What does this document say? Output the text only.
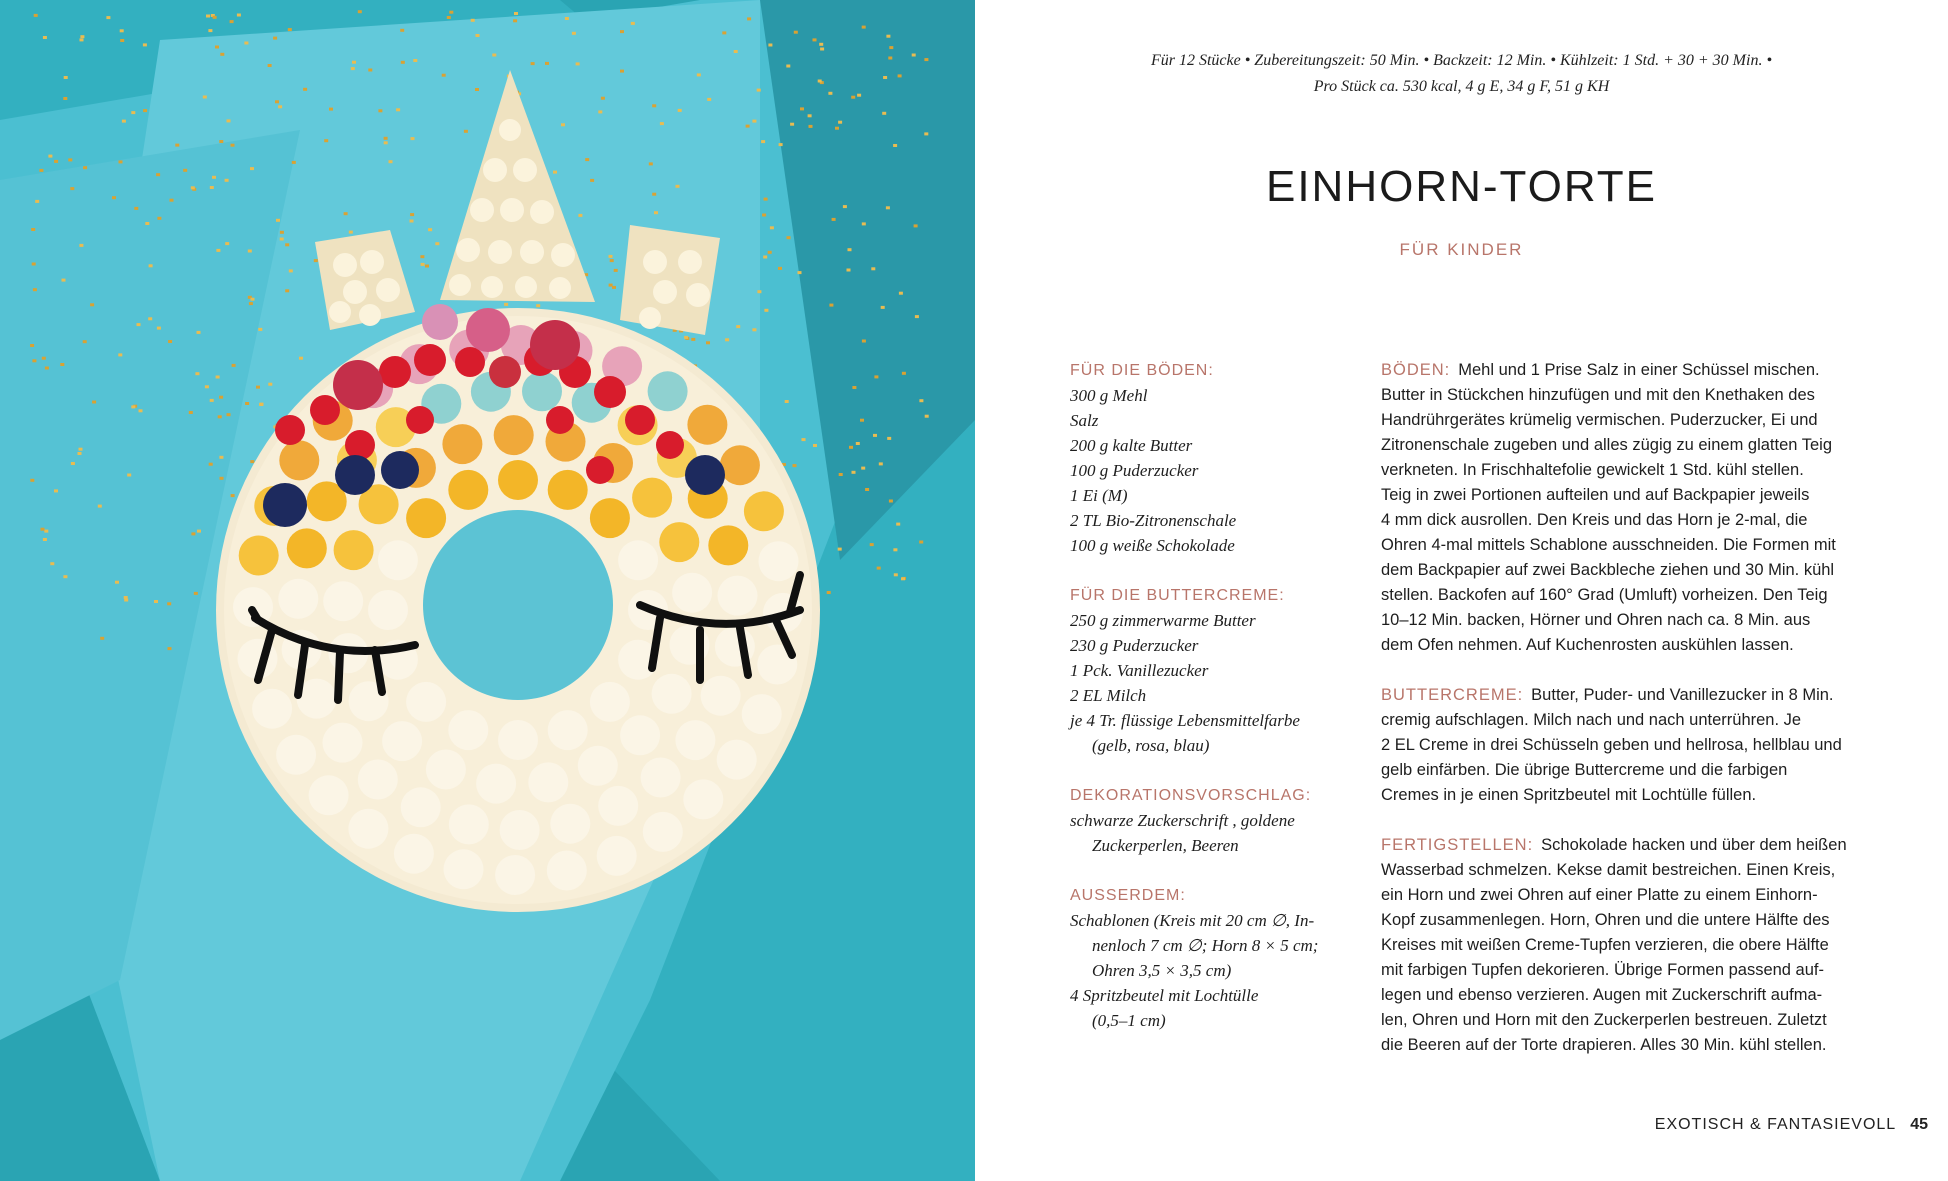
Für 12 Stücke • Zubereitungszeit: 50 Min. • Backzeit: 12 Min. • Kühlzeit: 1 Std. + 30 + 30 Min. •
Pro Stück ca. 530 kcal, 4 g E, 34 g F, 51 g KH
EINHORN-TORTE
FÜR KINDER
FÜR DIE BÖDEN:
300 g Mehl
Salz
200 g kalte Butter
100 g Puderzucker
1 Ei (M)
2 TL Bio-Zitronenschale
100 g weiße Schokolade
FÜR DIE BUTTERCREME:
250 g zimmerwarme Butter
230 g Puderzucker
1 Pck. Vanillezucker
2 EL Milch
je 4 Tr. flüssige Lebensmittelfarbe
(gelb, rosa, blau)
DEKORATIONSVORSCHLAG:
schwarze Zuckerschrift , goldene
Zuckerperlen, Beeren
AUSSERDEM:
Schablonen (Kreis mit 20 cm ∅, In-
nenloch 7 cm ∅; Horn 8 × 5 cm;
Ohren 3,5 × 3,5 cm)
4 Spritzbeutel mit Lochtülle
(0,5–1 cm)
BÖDEN: Mehl und 1 Prise Salz in einer Schüssel mischen.
Butter in Stückchen hinzufügen und mit den Knethaken des
Handrührgerätes krümelig vermischen. Puderzucker, Ei und
Zitronenschale zugeben und alles zügig zu einem glatten Teig
verkneten. In Frischhaltefolie gewickelt 1 Std. kühl stellen.
Teig in zwei Portionen aufteilen und auf Backpapier jeweils
4 mm dick ausrollen. Den Kreis und das Horn je 2-mal, die
Ohren 4-mal mittels Schablone ausschneiden. Die Formen mit
dem Backpapier auf zwei Backbleche ziehen und 30 Min. kühl
stellen. Backofen auf 160° Grad (Umluft) vorheizen. Den Teig
10–12 Min. backen, Hörner und Ohren nach ca. 8 Min. aus
dem Ofen nehmen. Auf Kuchenrosten auskühlen lassen.
BUTTERCREME: Butter, Puder- und Vanillezucker in 8 Min.
cremig aufschlagen. Milch nach und nach unterrühren. Je
2 EL Creme in drei Schüsseln geben und hellrosa, hellblau und
gelb einfärben. Die übrige Buttercreme und die farbigen
Cremes in je einen Spritzbeutel mit Lochtülle füllen.
FERTIGSTELLEN: Schokolade hacken und über dem heißen
Wasserbad schmelzen. Kekse damit bestreichen. Einen Kreis,
ein Horn und zwei Ohren auf einer Platte zu einem Einhorn-
Kopf zusammenlegen. Horn, Ohren und die untere Hälfte des
Kreises mit weißen Creme-Tupfen verzieren, die obere Hälfte
mit farbigen Tupfen dekorieren. Übrige Formen passend auf-
legen und ebenso verzieren. Augen mit Zuckerschrift aufma-
len, Ohren und Horn mit den Zuckerperlen bestreuen. Zuletzt
die Beeren auf der Torte drapieren. Alles 30 Min. kühl stellen.
EXOTISCH & FANTASIEVOLL 45
